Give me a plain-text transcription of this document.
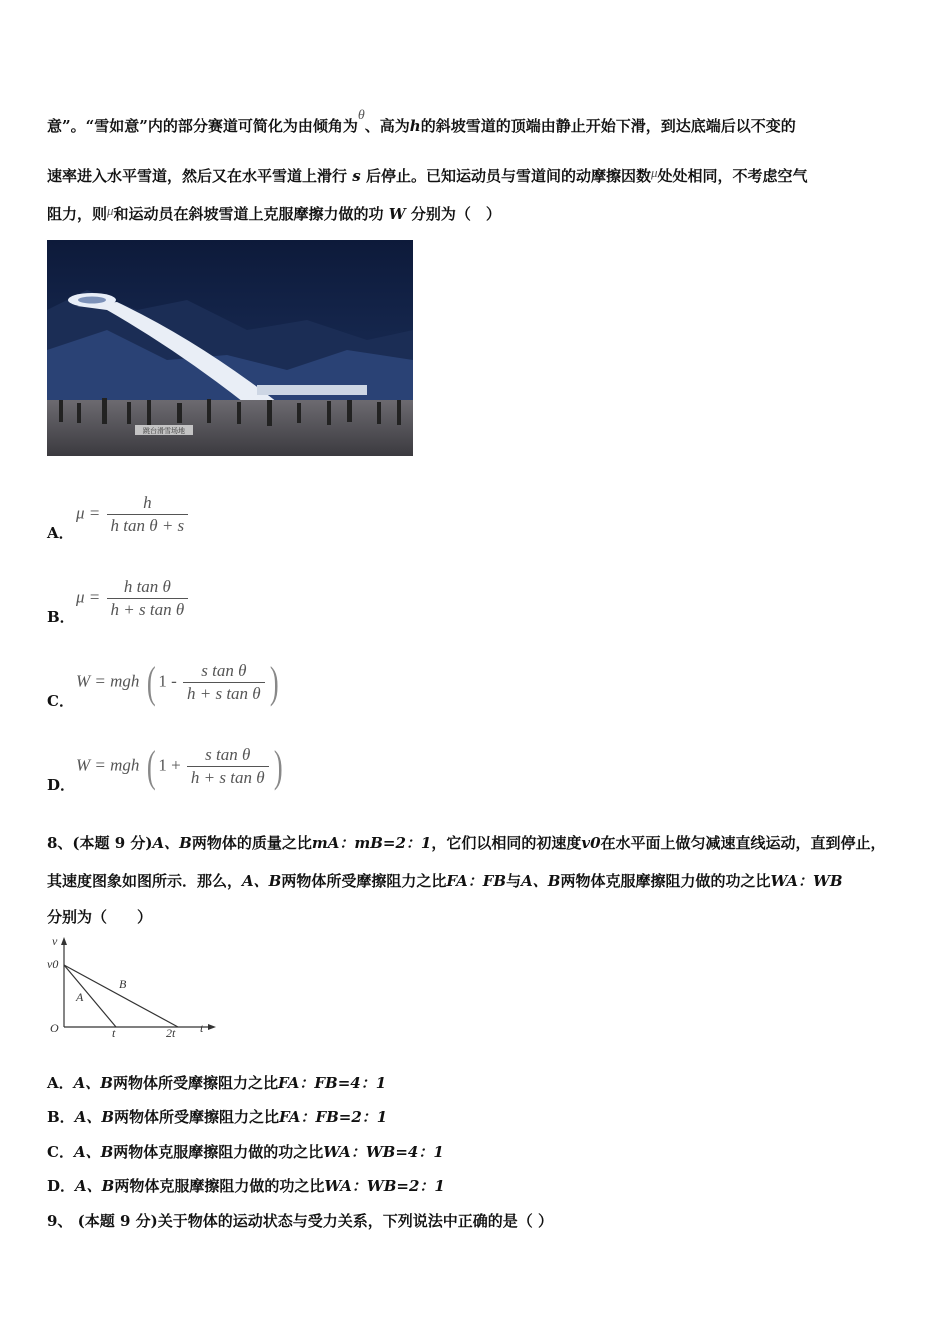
意”。“雪如意”内的部分赛道可简化为由倾角为θ、高为h的斜坡雪道的顶端由静止开始下滑，到达底端后以不变的
速率进入水平雪道，然后又在水平雪道上滑行 s 后停止。已知运动员与雪道间的动摩擦因数μ处处相同，不考虑空气
阻力，则μ和运动员在斜坡雪道上克服摩擦力做的功 W 分别为（　）
跳台滑雪场地
A．
$\mu = \frac{h}{\text{h tan θ + s}}$
B．
$\mu = \frac{\text{h tan θ}}{\text{h + s tan θ}}$
C．
W = mgh ( $1 - \frac{\text{s tan θ}}{\text{h + s tan θ}}$ )
D．
W = mgh ( $1 + \frac{\text{s tan θ}}{\text{h + s tan θ}}$ )
8、(本题 9 分)A、B两物体的质量之比mA：mB=2：1，它们以相同的初速度v0在水平面上做匀减速直线运动，直到停止，
其速度图象如图所示．那么，A、B两物体所受摩擦阻力之比FA：FB与A、B两物体克服摩擦阻力做的功之比WA：WB
分别为（　　）
v
v0
O
A
B
t	2t t
A．A、B两物体所受摩擦阻力之比FA：FB=4：1
B．A、B两物体所受摩擦阻力之比FA：FB=2：1
C．A、B两物体克服摩擦阻力做的功之比WA：WB=4：1
D．A、B两物体克服摩擦阻力做的功之比WA：WB=2：1
9、 (本题 9 分)关于物体的运动状态与受力关系，下列说法中正确的是（ ）
